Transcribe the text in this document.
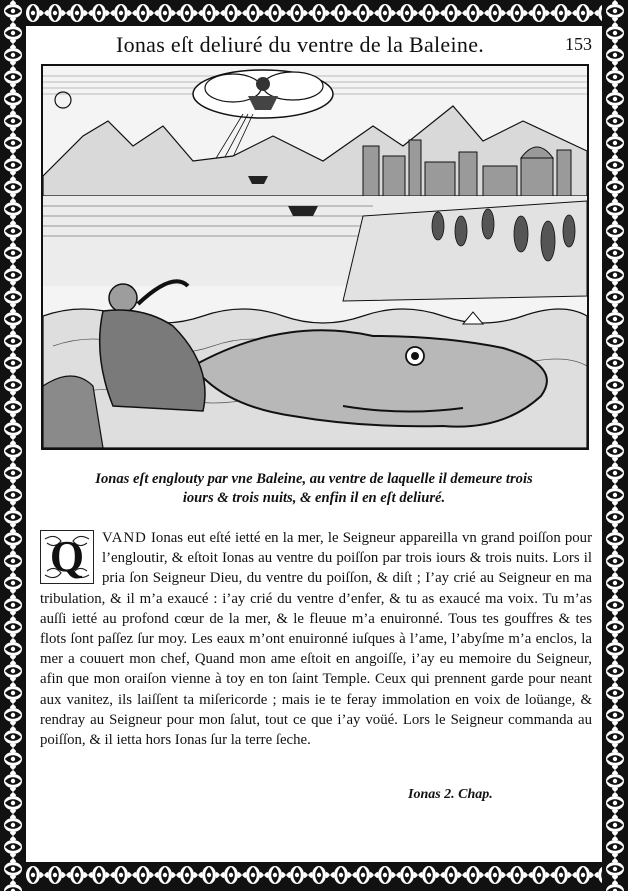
Ionas eſt deliuré du ventre de la Baleine.	153
Ionas eſt englouty par vne Baleine, au ventre de laquelle il demeure trois
iours & trois nuits, & enfin il en eſt deliuré.
Q	VAND Ionas eut eſté ietté en la mer, le Seigneur appareilla vn grand poiſſon pour l’engloutir, & eſtoit Ionas au ventre du poiſſon par trois iours & trois nuits. Lors il pria ſon Seigneur Dieu, du ventre du poiſſon, & diſt ; I’ay crié au Seigneur en ma tribulation, & il m’a exaucé : i’ay crié du ventre d’enfer, & tu as exaucé ma voix. Tu m’as auſſi ietté au profond cœur de la mer, & le fleuue m’a enuironné. Tous tes gouffres & tes flots ſont paſſez ſur moy. Les eaux m’ont enuironné iuſques à l’ame, l’abyſme m’a enclos, la mer a couuert mon chef, Quand mon ame eſtoit en angoiſſe, i’ay eu memoire du Seigneur, afin que mon oraiſon vienne à toy en ton ſaint Temple. Ceux qui prennent garde pour neant aux vanitez, ils laiſſent ta miſericorde ; mais ie te feray immolation en voix de loüange, & rendray au Seigneur pour mon ſalut, tout ce que i’ay voüé. Lors le Seigneur commanda au poiſſon, & il ietta hors Ionas ſur la terre ſeche.
Ionas 2. Chap.
